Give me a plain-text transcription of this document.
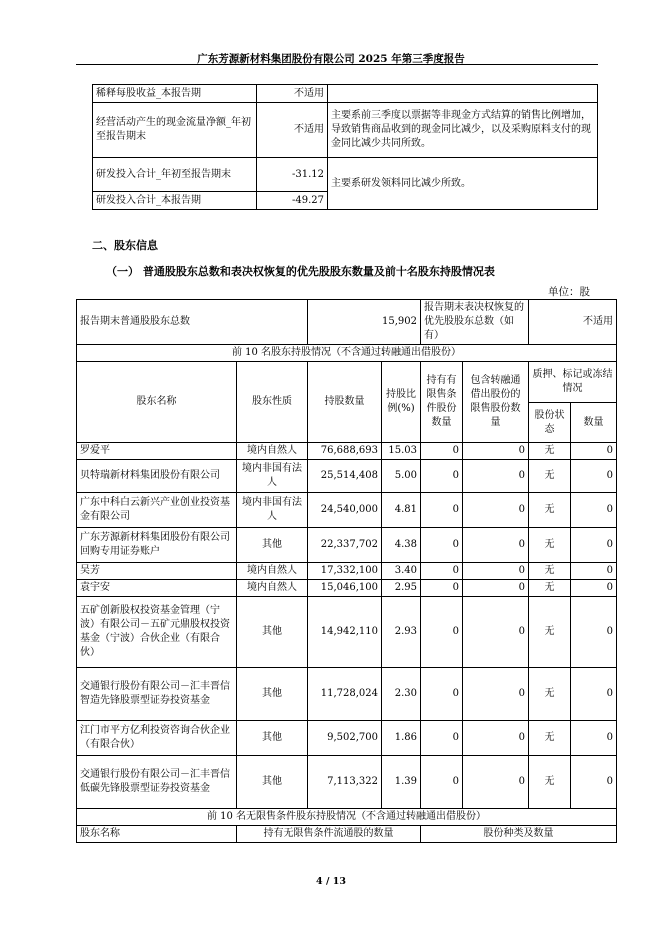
广东芳源新材料集团股份有限公司 2025 年第三季度报告
稀释每股收益_本报告期	不适用	
经营活动产生的现金流量净额_年初至报告期末	不适用	主要系前三季度以票据等非现金方式结算的销售比例增加，导致销售商品收到的现金同比减少，以及采购原料支付的现金同比减少共同所致。
研发投入合计_年初至报告期末	-31.12	主要系研发领料同比减少所致。
研发投入合计_本报告期	-49.27	
二、股东信息
（一） 普通股股东总数和表决权恢复的优先股股东数量及前十名股东持股情况表
单位：股
报告期末普通股股东总数		15,902		报告期末表决权恢复的优先股股东总数（如有）		不适用	
前 10 名股东持股情况（不含通过转融通出借股份）							
股东名称	股东性质	持股数量	持股比例(%)	持有有限售条件股份数量	包含转融通借出股份的限售股份数量	质押、标记或冻结情况	
						股份状态	数量
罗爱平	境内自然人	76,688,693	15.03	0	0	无	0
贝特瑞新材料集团股份有限公司	境内非国有法人	25,514,408	5.00	0	0	无	0
广东中科白云新兴产业创业投资基金有限公司	境内非国有法人	24,540,000	4.81	0	0	无	0
广东芳源新材料集团股份有限公司回购专用证券账户	其他	22,337,702	4.38	0	0	无	0
吴芳	境内自然人	17,332,100	3.40	0	0	无	0
袁宇安	境内自然人	15,046,100	2.95	0	0	无	0
五矿创新股权投资基金管理（宁波）有限公司－五矿元鼎股权投资基金（宁波）合伙企业（有限合伙）	其他	14,942,110	2.93	0	0	无	0
交通银行股份有限公司－汇丰晋信智造先锋股票型证券投资基金	其他	11,728,024	2.30	0	0	无	0
江门市平方亿利投资咨询合伙企业（有限合伙）	其他	9,502,700	1.86	0	0	无	0
交通银行股份有限公司－汇丰晋信低碳先锋股票型证券投资基金	其他	7,113,322	1.39	0	0	无	0
前 10 名无限售条件股东持股情况（不含通过转融通出借股份）							
股东名称	持有无限售条件流通股的数量			股份种类及数量			
4 / 13
